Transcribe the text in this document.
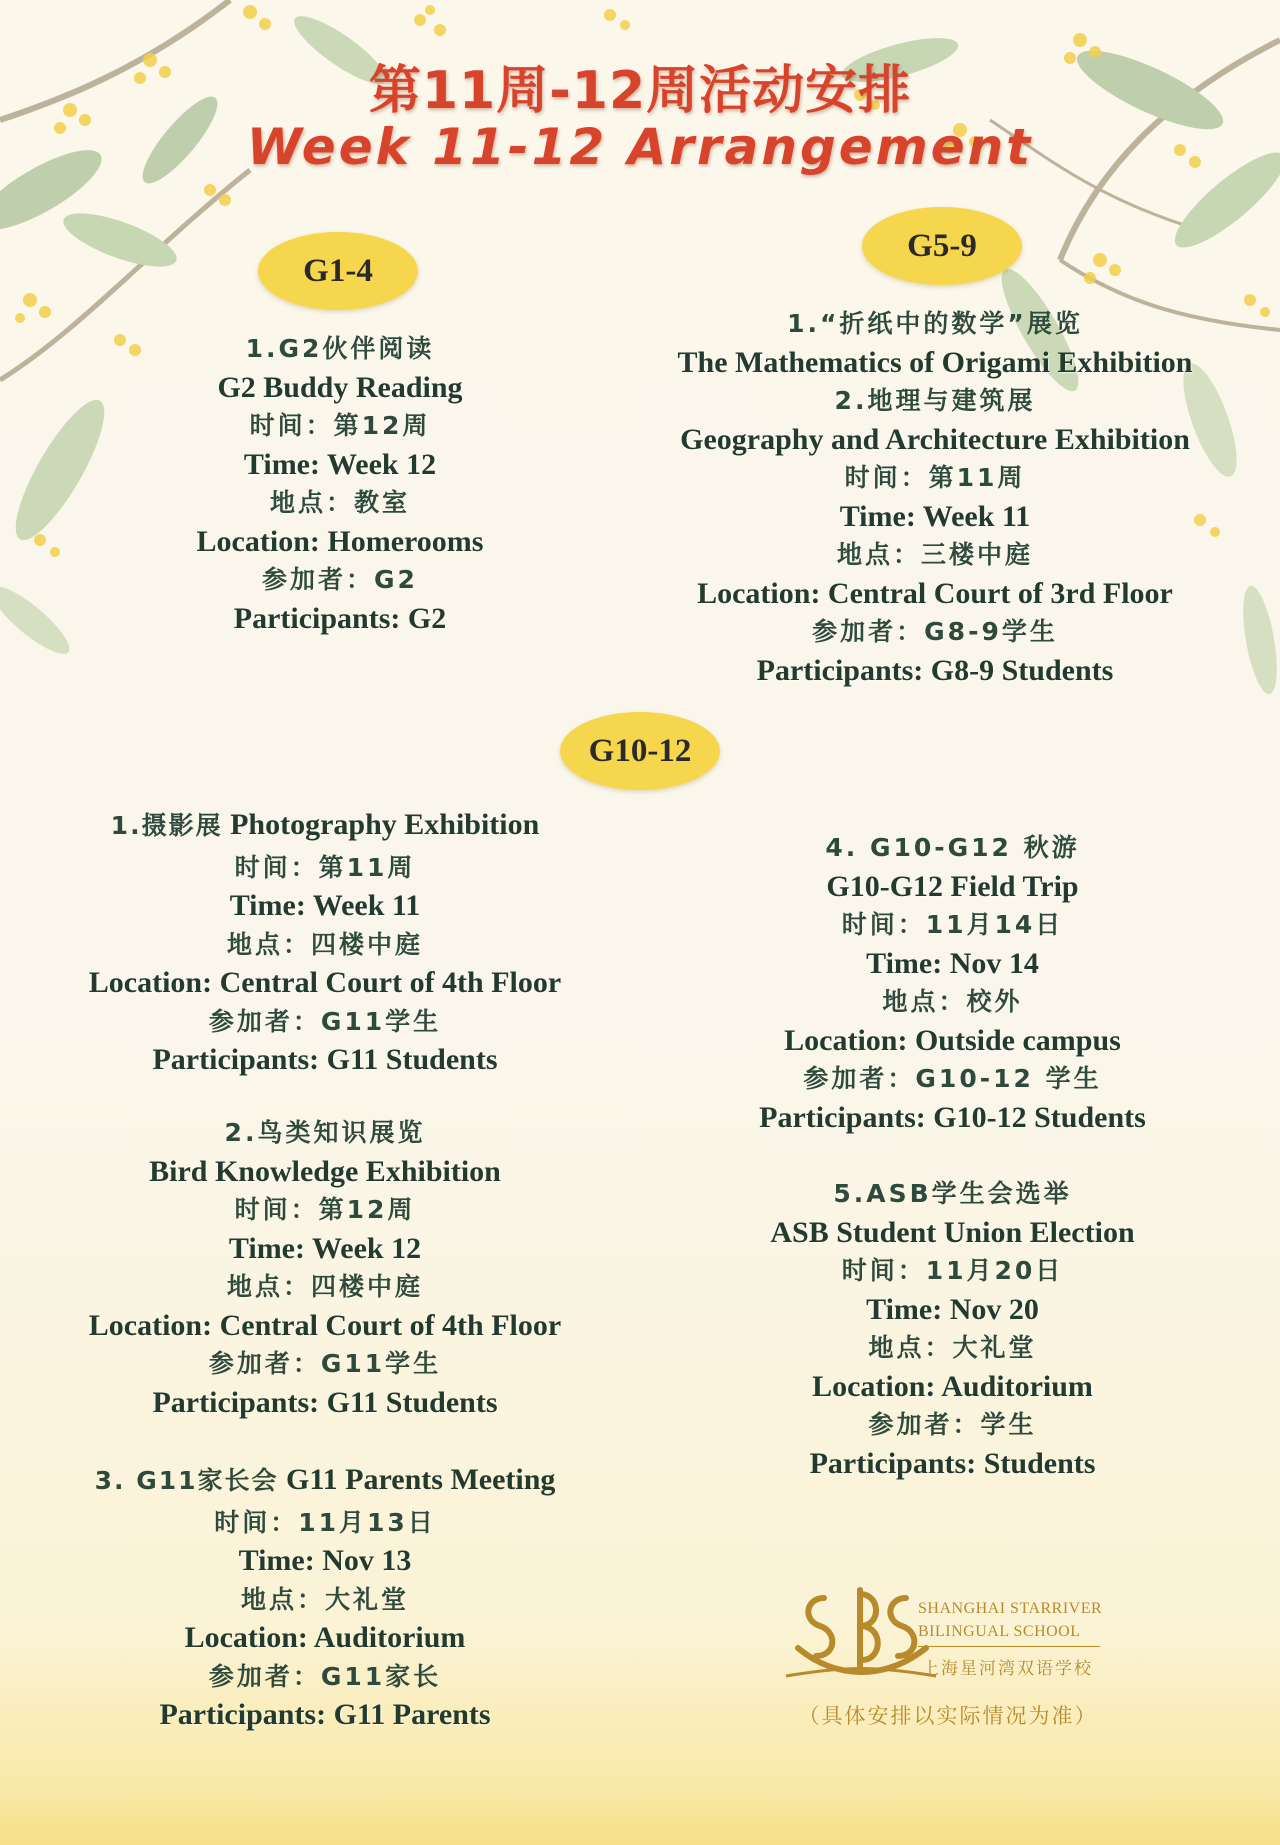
第11周-12周活动安排
Week 11-12 Arrangement
G1-4
1.G2伙伴阅读
G2 Buddy Reading
时间：第12周
Time: Week 12
地点：教室
Location: Homerooms
参加者：G2
Participants: G2
G5-9
1.“折纸中的数学”展览
The Mathematics of Origami Exhibition
2.地理与建筑展
Geography and Architecture Exhibition
时间：第11周
Time: Week 11
地点：三楼中庭
Location: Central Court of 3rd Floor
参加者：G8-9学生
Participants: G8-9 Students
G10-12
1.摄影展 Photography Exhibition
时间：第11周
Time: Week 11
地点：四楼中庭
Location: Central Court of 4th Floor
参加者：G11学生
Participants: G11 Students
2.鸟类知识展览
Bird Knowledge Exhibition
时间：第12周
Time: Week 12
地点：四楼中庭
Location: Central Court of 4th Floor
参加者：G11学生
Participants: G11 Students
3. G11家长会 G11 Parents Meeting
时间：11月13日
Time: Nov 13
地点：大礼堂
Location: Auditorium
参加者：G11家长
Participants: G11 Parents
4. G10-G12 秋游
G10-G12 Field Trip
时间：11月14日
Time: Nov 14
地点：校外
Location: Outside campus
参加者：G10-12 学生
Participants: G10-12 Students
5.ASB学生会选举
ASB Student Union Election
时间：11月20日
Time: Nov 20
地点：大礼堂
Location: Auditorium
参加者：学生
Participants: Students
SHANGHAI STARRIVER
BILINGUAL SCHOOL
上海星河湾双语学校
（具体安排以实际情况为准）
